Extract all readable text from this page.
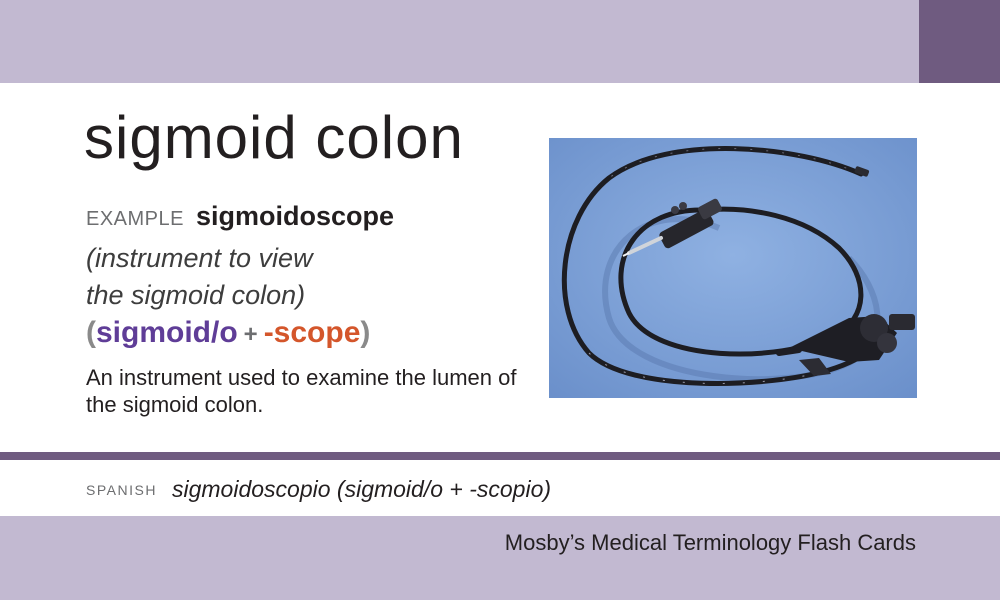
sigmoid colon
EXAMPLE sigmoidoscope
(instrument to view
the sigmoid colon)
(sigmoid/o + -scope)
An instrument used to examine the lumen of the sigmoid colon.
SPANISH sigmoidoscopio (sigmoid/o + -scopio)
Mosby’s Medical Terminology Flash Cards
